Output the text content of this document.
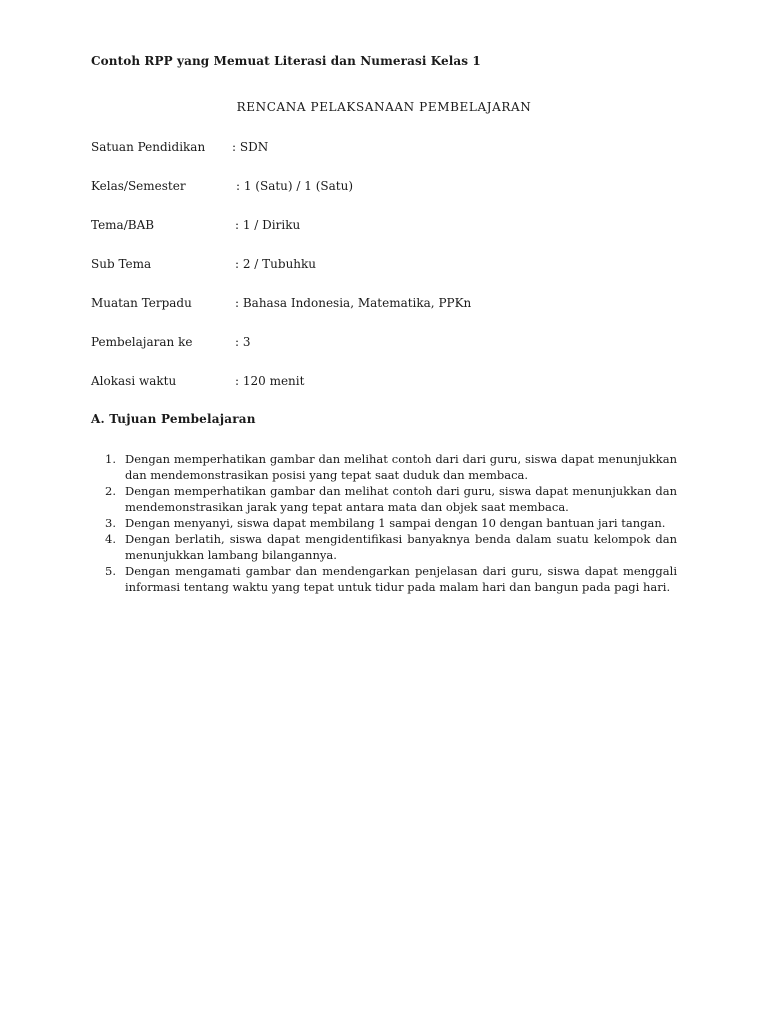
Contoh RPP yang Memuat Literasi dan Numerasi Kelas 1
RENCANA PELAKSANAAN PEMBELAJARAN
Satuan Pendidikan : SDN
Kelas/Semester	: 1 (Satu) / 1 (Satu)
Tema/BAB	: 1 / Diriku
Sub Tema	: 2 / Tubuhku
Muatan Terpadu	: Bahasa Indonesia, Matematika, PPKn
Pembelajaran ke	: 3
Alokasi waktu	: 120 menit
A. Tujuan Pembelajaran
1. Dengan memperhatikan gambar dan melihat contoh dari dari guru, siswa dapat menunjukkan dan mendemonstrasikan posisi yang tepat saat duduk dan membaca.
2. Dengan memperhatikan gambar dan melihat contoh dari guru, siswa dapat menunjukkan dan mendemonstrasikan jarak yang tepat antara mata dan objek saat membaca.
3. Dengan menyanyi, siswa dapat membilang 1 sampai dengan 10 dengan bantuan jari tangan.
4. Dengan berlatih, siswa dapat mengidentifikasi banyaknya benda dalam suatu kelompok dan menunjukkan lambang bilangannya.
5. Dengan mengamati gambar dan mendengarkan penjelasan dari guru, siswa dapat menggali informasi tentang waktu yang tepat untuk tidur pada malam hari dan bangun pada pagi hari.
